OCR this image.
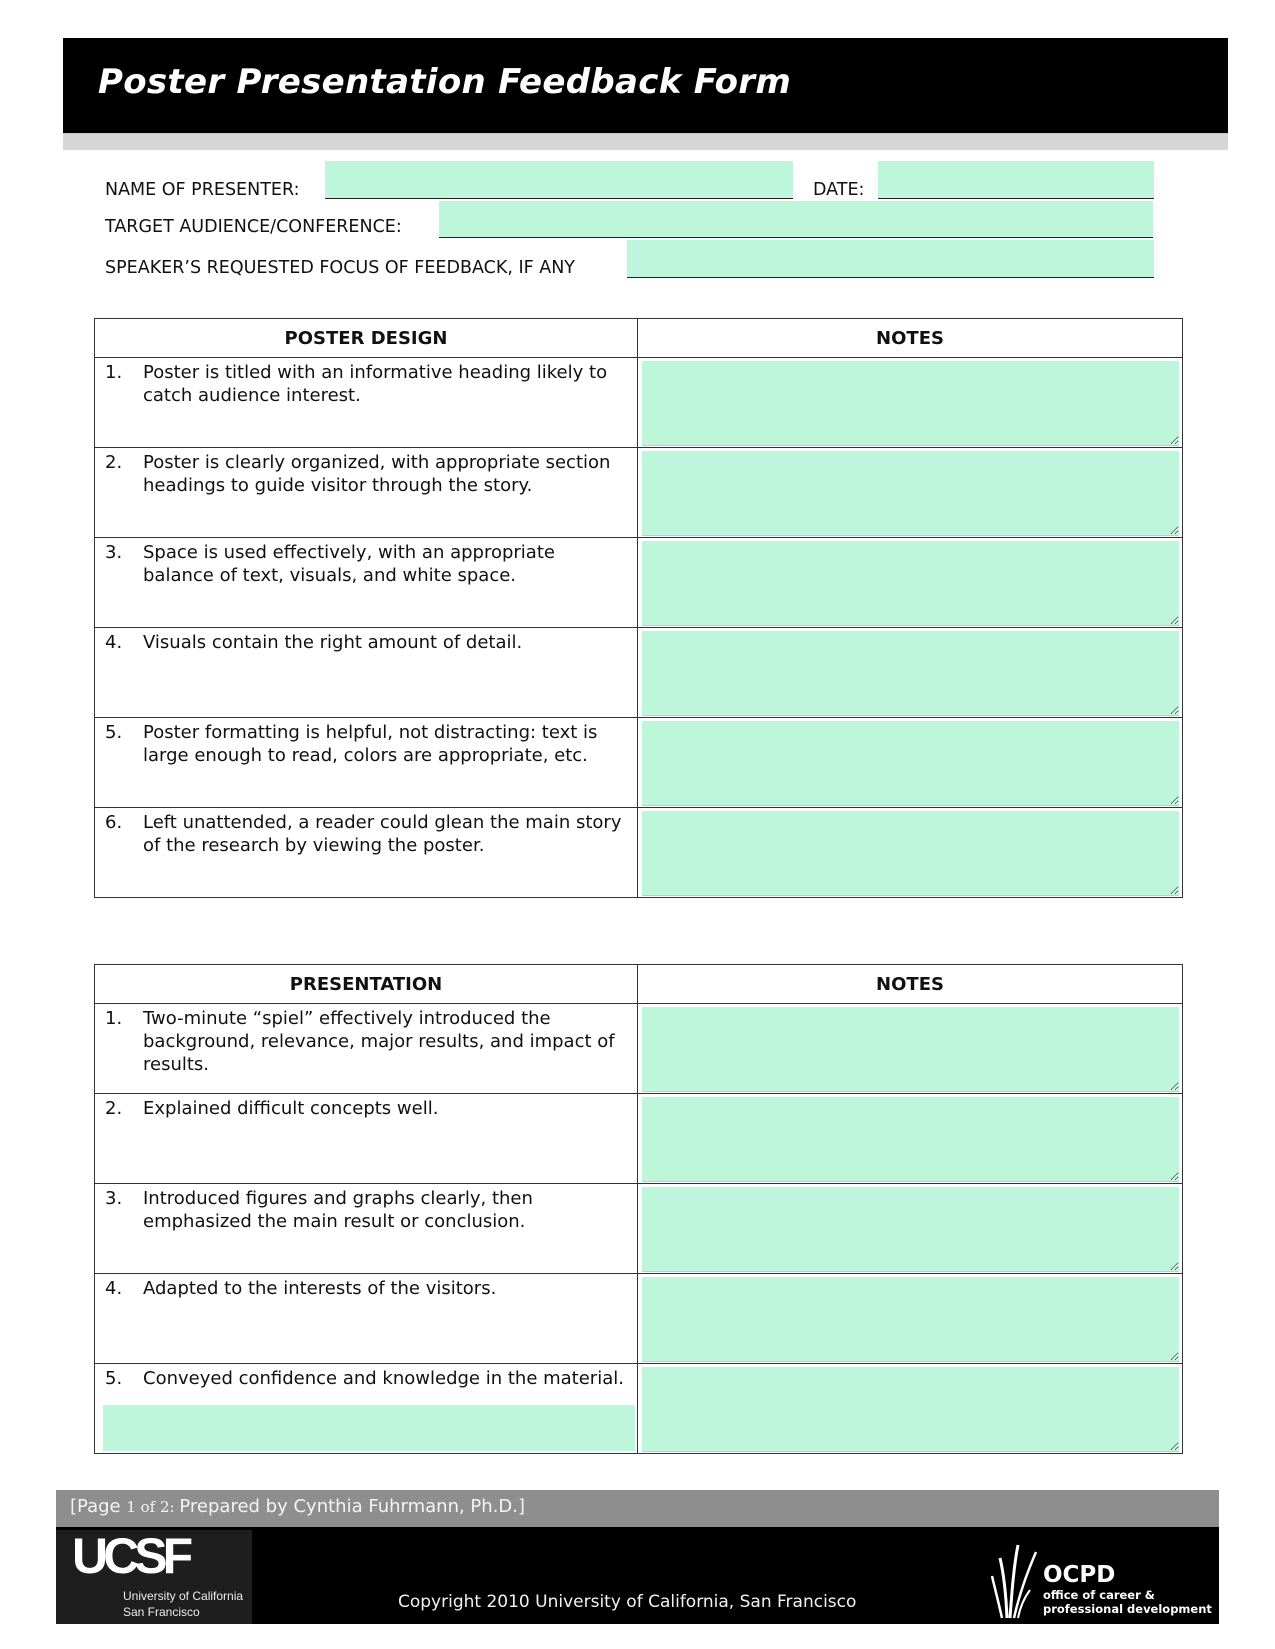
Poster Presentation Feedback Form
NAME OF PRESENTER:	DATE:
TARGET AUDIENCE/CONFERENCE:
SPEAKER’S REQUESTED FOCUS OF FEEDBACK, IF ANY
POSTER DESIGN	NOTES

1. Poster is titled with an informative heading likely to catch audience interest.

2. Poster is clearly organized, with appropriate section headings to guide visitor through the story.

3. Space is used effectively, with an appropriate balance of text, visuals, and white space.

4. Visuals contain the right amount of detail.

5. Poster formatting is helpful, not distracting: text is large enough to read, colors are appropriate, etc.

6. Left unattended, a reader could glean the main story of the research by viewing the poster.

PRESENTATION	NOTES

1. Two-minute “spiel” effectively introduced the background, relevance, major results, and impact of results.

2. Explained difficult concepts well.

3. Introduced figures and graphs clearly, then emphasized the main result or conclusion.

4. Adapted to the interests of the visitors.

5. Conveyed confidence and knowledge in the material.

[Page 1 of 2: Prepared by Cynthia Fuhrmann, Ph.D.]
UCSF
University of California
San Francisco	Copyright 2010 University of California, San Francisco
OCPD
office of career &
professional development
